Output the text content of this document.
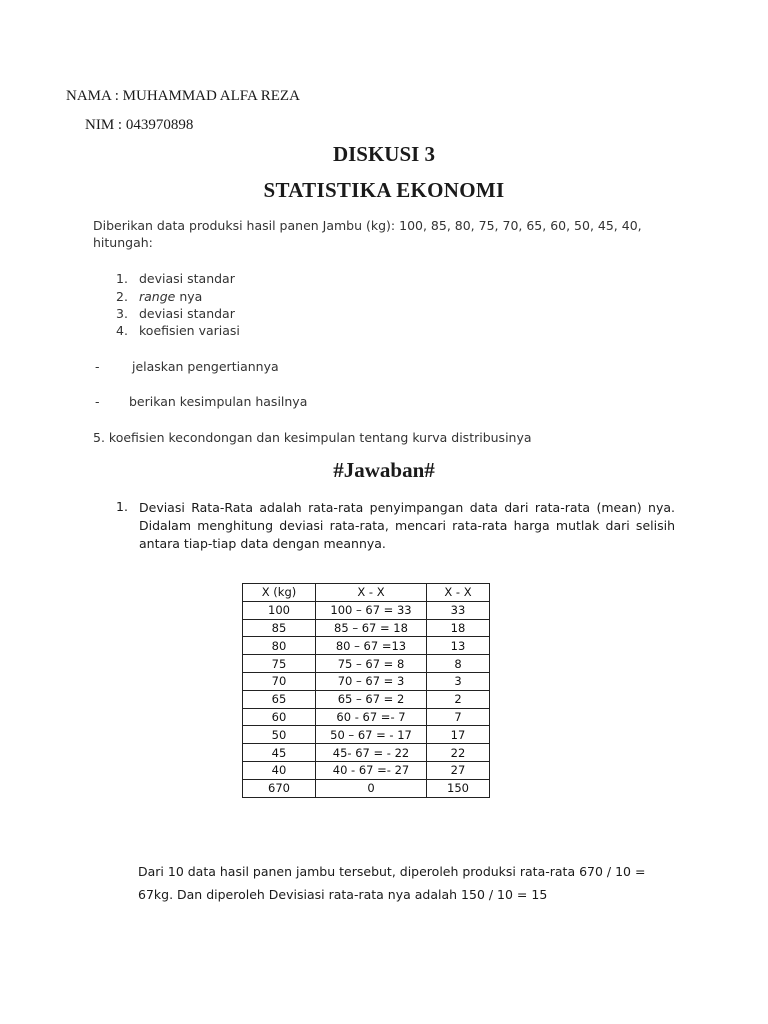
NAMA : MUHAMMAD ALFA REZA
NIM : 043970898
DISKUSI 3
STATISTIKA EKONOMI
Diberikan data produksi hasil panen Jambu (kg): 100, 85, 80, 75, 70, 65, 60, 50, 45, 40, hitungah:
1. deviasi standar
2. range nya
3. deviasi standar
4. koefisien variasi
-	jelaskan pengertiannya
- berikan kesimpulan hasilnya
5. koefisien kecondongan dan kesimpulan tentang kurva distribusinya
#Jawaban#
1. Deviasi Rata-Rata adalah rata-rata penyimpangan data dari rata-rata (mean) nya. Didalam menghitung deviasi rata-rata, mencari rata-rata harga mutlak dari selisih antara tiap-tiap data dengan meannya.
X (kg)	X - X	X - X
100	100 – 67 = 33	33
85	85 – 67 = 18	18
80	80 – 67 =13	13
75	75 – 67 = 8	8
70	70 – 67 = 3	3
65	65 – 67 = 2	2
60	60 - 67 =- 7	7
50	50 – 67 = - 17	17
45	45- 67 = - 22	22
40	40 - 67 =- 27	27
670	0	150
Dari 10 data hasil panen jambu tersebut, diperoleh produksi rata-rata 670 / 10 = 67kg. Dan diperoleh Devisiasi rata-rata nya adalah 150 / 10 = 15
